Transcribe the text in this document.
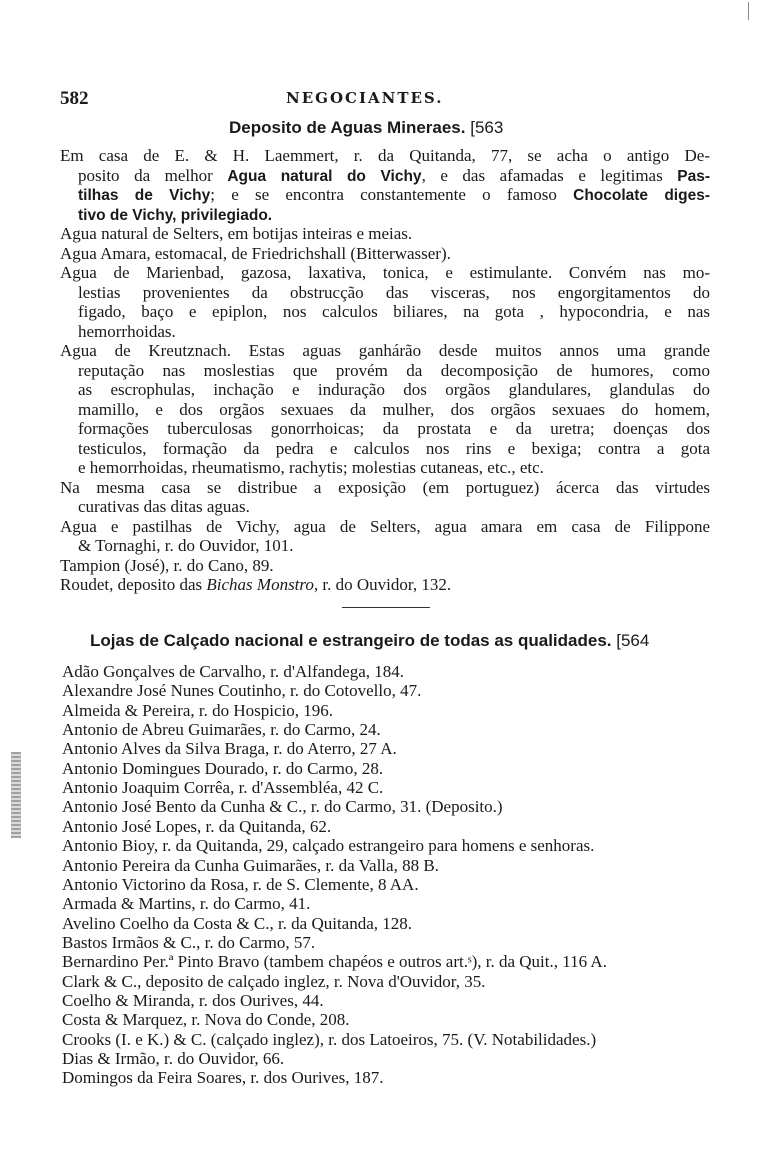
582	NEGOCIANTES.
Deposito de Aguas Mineraes. [563
Em casa de E. & H. Laemmert, r. da Quitanda, 77, se acha o antigo De-
posito da melhor Agua natural do Vichy, e das afamadas e legitimas Pas-
tilhas de Vichy; e se encontra constantemente o famoso Chocolate diges-
tivo de Vichy, privilegiado.
Agua natural de Selters, em botijas inteiras e meias.
Agua Amara, estomacal, de Friedrichshall (Bitterwasser).
Agua de Marienbad, gazosa, laxativa, tonica, e estimulante. Convém nas mo-
lestias provenientes da obstrucção das visceras, nos engorgitamentos do
figado, baço e epiplon, nos calculos biliares, na gota , hypocondria, e nas
hemorrhoidas.
Agua de Kreutznach. Estas aguas ganhárão desde muitos annos uma grande
reputação nas moslestias que provém da decomposição de humores, como
as escrophulas, inchação e induração dos orgãos glandulares, glandulas do
mamillo, e dos orgãos sexuaes da mulher, dos orgãos sexuaes do homem,
formações tuberculosas gonorrhoicas; da prostata e da uretra; doenças dos
testiculos, formação da pedra e calculos nos rins e bexiga; contra a gota
e hemorrhoidas, rheumatismo, rachytis; molestias cutaneas, etc., etc.
Na mesma casa se distribue a exposição (em portuguez) ácerca das virtudes
curativas das ditas aguas.
Agua e pastilhas de Vichy, agua de Selters, agua amara em casa de Filippone
& Tornaghi, r. do Ouvidor, 101.
Tampion (José), r. do Cano, 89.
Roudet, deposito das Bichas Monstro, r. do Ouvidor, 132.
Lojas de Calçado nacional e estrangeiro de todas as qualidades. [564
Adão Gonçalves de Carvalho, r. d'Alfandega, 184.
Alexandre José Nunes Coutinho, r. do Cotovello, 47.
Almeida & Pereira, r. do Hospicio, 196.
Antonio de Abreu Guimarães, r. do Carmo, 24.
Antonio Alves da Silva Braga, r. do Aterro, 27 A.
Antonio Domingues Dourado, r. do Carmo, 28.
Antonio Joaquim Corrêa, r. d'Assembléa, 42 C.
Antonio José Bento da Cunha & C., r. do Carmo, 31. (Deposito.)
Antonio José Lopes, r. da Quitanda, 62.
Antonio Bioy, r. da Quitanda, 29, calçado estrangeiro para homens e senhoras.
Antonio Pereira da Cunha Guimarães, r. da Valla, 88 B.
Antonio Victorino da Rosa, r. de S. Clemente, 8 AA.
Armada & Martins, r. do Carmo, 41.
Avelino Coelho da Costa & C., r. da Quitanda, 128.
Bastos Irmãos & C., r. do Carmo, 57.
Bernardino Per.ª Pinto Bravo (tambem chapéos e outros art.ˢ), r. da Quit., 116 A.
Clark & C., deposito de calçado inglez, r. Nova d'Ouvidor, 35.
Coelho & Miranda, r. dos Ourives, 44.
Costa & Marquez, r. Nova do Conde, 208.
Crooks (I. e K.) & C. (calçado inglez), r. dos Latoeiros, 75. (V. Notabilidades.)
Dias & Irmão, r. do Ouvidor, 66.
Domingos da Feira Soares, r. dos Ourives, 187.
